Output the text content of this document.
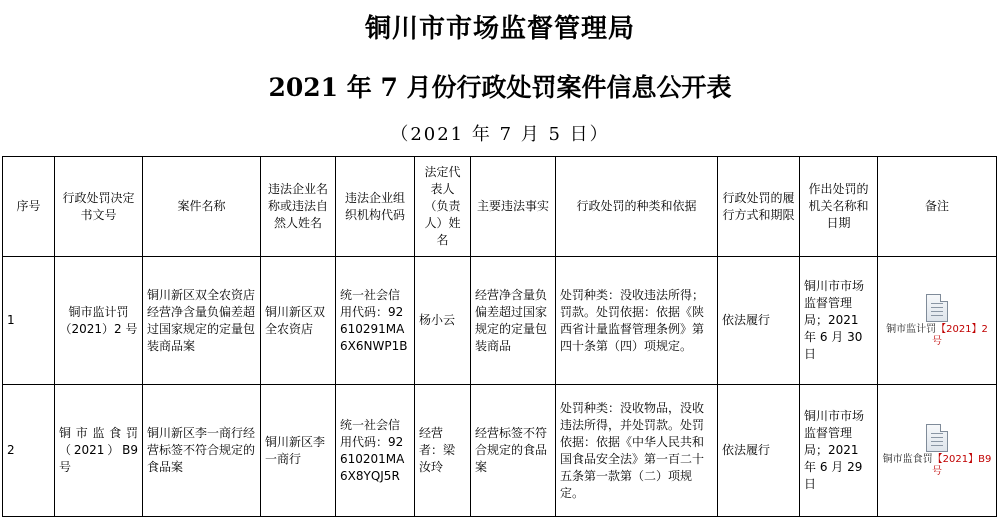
铜川市市场监督管理局
2021 年 7 月份行政处罚案件信息公开表
（2021 年 7 月 5 日）
序号	行政处罚决定书文号	案件名称	违法企业名称或违法自然人姓名	违法企业组织机构代码	法定代表人（负责人）姓名	主要违法事实	行政处罚的种类和依据	行政处罚的履行方式和期限	作出处罚的机关名称和日期	备注
1	铜市监计罚（2021）2 号	铜川新区双全农资店经营净含量负偏差超过国家规定的定量包装商品案	铜川新区双全农资店	统一社会信用代码：92610291MA6X6NWP1B	杨小云	经营净含量负偏差超过国家规定的定量包装商品	处罚种类：没收违法所得；罚款。处罚依据：依据《陕西省计量监督管理条例》第四十条第（四）项规定。	依法履行	铜川市市场监督管理局；2021 年 6 月 30日	铜市监计罚【2021】2号

2	铜市监食罚（2021）B9 号	铜川新区李一商行经营标签不符合规定的食品案	铜川新区李一商行	统一社会信用代码：92610201MA6X8YQJ5R	经营者：梁汝玲	经营标签不符合规定的食品案	处罚种类：没收物品，没收违法所得，并处罚款。处罚依据：依据《中华人民共和国食品安全法》第一百二十五条第一款第（二）项规定。	依法履行	铜川市市场监督管理局；2021 年 6 月 29 日	铜市监食罚【2021】B9号
